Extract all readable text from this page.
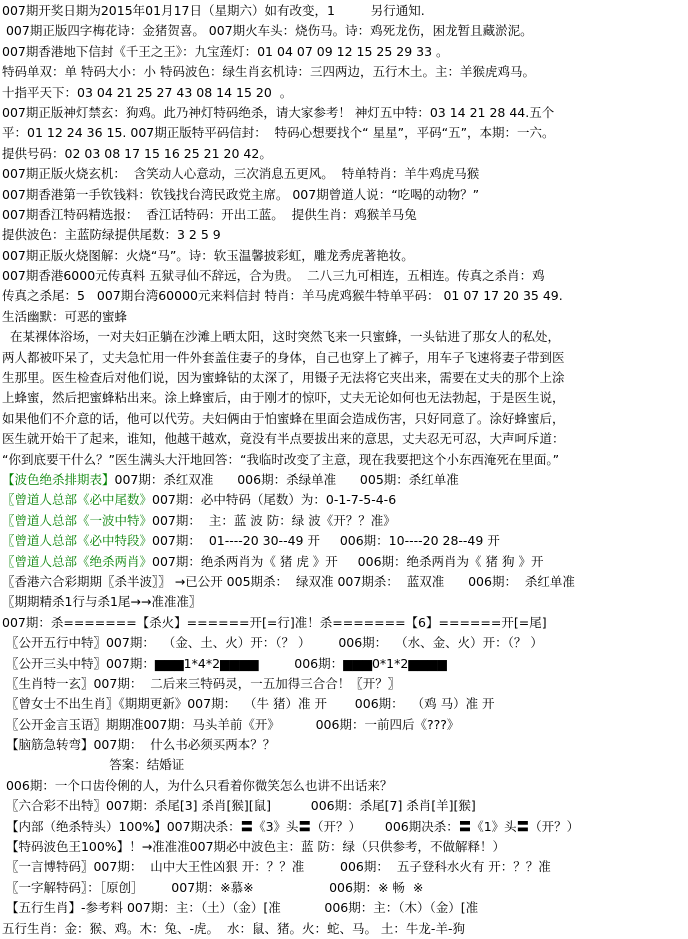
007期开奖日期为2015年01月17日（星期六）如有改变，1         另行通知.
007期正版四字梅花诗：金猪贺喜。 007期火车头：烧伤马。诗：鸡死龙伤，困龙暂且藏淤泥。
007期香港地下信封《千王之王》：九宝莲灯：01 04 07 09 12 15 25 29 33 。
特码单双：单 特码大小：小 特码波色：绿生肖玄机诗：三四两边，五行木土。主：羊猴虎鸡马。
十指平天下：03 04 21 25 27 43 08 14 15 20  。
007期正版神灯禁玄：狗鸡。此乃神灯特码绝杀，请大家参考！ 神灯五中特：03 14 21 28 44.五个
平：01 12 24 36 15. 007期正版特平码信封：  特码心想要找个“ 星星”，平码“五”，本期：一六。
提供号码：02 03 08 17 15 16 25 21 20 42。
007期正版火烧玄机：  含笑动人心意动，三次消息五更风。  特单特肖：羊牛鸡虎马猴
007期香港第一手钦钱料：钦钱找台湾民政党主席。 007期曾道人说：“吃喝的动物？”
007期香江特码精选报：  香江话特码：开出工蓝。  提供生肖：鸡猴羊马兔
提供波色：主蓝防绿提供尾数：3 2 5 9
007期正版火烧图解：火烧“马”。诗：软玉温馨披彩虹，雕龙秀虎著艳妆。
007期香港6000元传真料 五狱寻仙不辞远，合为贵。  二八三九可相连，五相连。传真之杀肖：鸡
传真之杀尾：5   007期台湾60000元来料信封 特肖：羊马虎鸡猴牛特单平码： 01 07 17 20 35 49.
生活幽默：可恶的蜜蜂
在某裸体浴场，一对夫妇正躺在沙滩上晒太阳，这时突然飞来一只蜜蜂，一头钻进了那女人的私处，
两人都被吓呆了，丈夫急忙用一件外套盖住妻子的身体，自己也穿上了裤子，用车子飞速将妻子带到医
生那里。医生检查后对他们说，因为蜜蜂钻的太深了，用镊子无法将它夹出来，需要在丈夫的那个上涂
上蜂蜜，然后把蜜蜂粘出来。涂上蜂蜜后，由于刚才的惊吓，丈夫无论如何也无法勃起，于是医生说，
如果他们不介意的话，他可以代劳。夫妇俩由于怕蜜蜂在里面会造成伤害，只好同意了。涂好蜂蜜后，
医生就开始干了起来，谁知，他越干越欢，竟没有半点要拔出来的意思，丈夫忍无可忍，大声呵斥道：
“你到底要干什么？”医生满头大汗地回答：“我临时改变了主意，现在我要把这个小东西淹死在里面。”
【波色绝杀排期表】007期：杀红双准      006期：杀绿单准      005期：杀红单准
〖曾道人总部《必中尾数》007期：必中特码（尾数）为：0-1-7-5-4-6
〖曾道人总部《一波中特》007期：  主：蓝 波 防：绿 波《开？？准》
〖曾道人总部《必中特段》007期：  01----20 30--49 开     006期：10----20 28--49 开
〖曾道人总部《绝杀两肖》007期：绝杀两肖为《 猪 虎 》开     006期：绝杀两肖为《 猪 狗 》开
〖香港六合彩期期〖杀半波〗〗 →已公开 005期杀：  绿双准 007期杀：  蓝双准      006期：  杀红单准
〖期期精杀1行与杀1尾→→准准准〗
007期：杀=======【杀火】======开[=行]准！杀=======【6】======开[=尾]
〖公开五行中特〗007期：  （金、土、火）开：（？ ）       006期：  （水、金、火）开：（？ ）
〖公开三头中特〗007期：▆▆▆1*4*2▆▆▆▆         006期：▆▆▆0*1*2▆▆▆▆
〖生肖特一玄〗007期：  二后来三特码灵，一五加得三合合！〖开？〗
〖曾女士不出生肖〗《期期更新》007期：  （牛 猪）准 开       006期：  （鸡 马）准 开
〖公开金言玉语〗期期准007期：马头羊前《开》         006期：一前四后《???》
【脑筋急转弯】007期：  什么书必须买两本？？
答案：结婚证
006期：一个口齿伶俐的人，为什么只看着你微笑怎么也讲不出话来？
〖六合彩不出特〗007期：杀尾[3] 杀肖[猴][鼠]          006期：杀尾[7] 杀肖[羊][猴]
【内部（绝杀特头）100%】007期决杀：〓《3》头〓（开？）      006期决杀：〓《1》头〓（开？）
【特码波色王100%】！→准准准007期必中波色主：蓝 防：绿（只供参考，不做解释！）
〖一言博特码〗007期：  山中大王性凶狠 开：？？准         006期：  五子登科水火有 开：？？准
〖一字解特码〗：［原创］       007期：※慕※                   006期：※ 畅  ※
【五行生肖】-参考料 007期：主：（土）（金）[准           006期：主：（木）（金）[准
五行生肖：金：猴、鸡。木：兔、-虎。  水：鼠、猪。火：蛇、马。 土：牛龙-羊-狗
